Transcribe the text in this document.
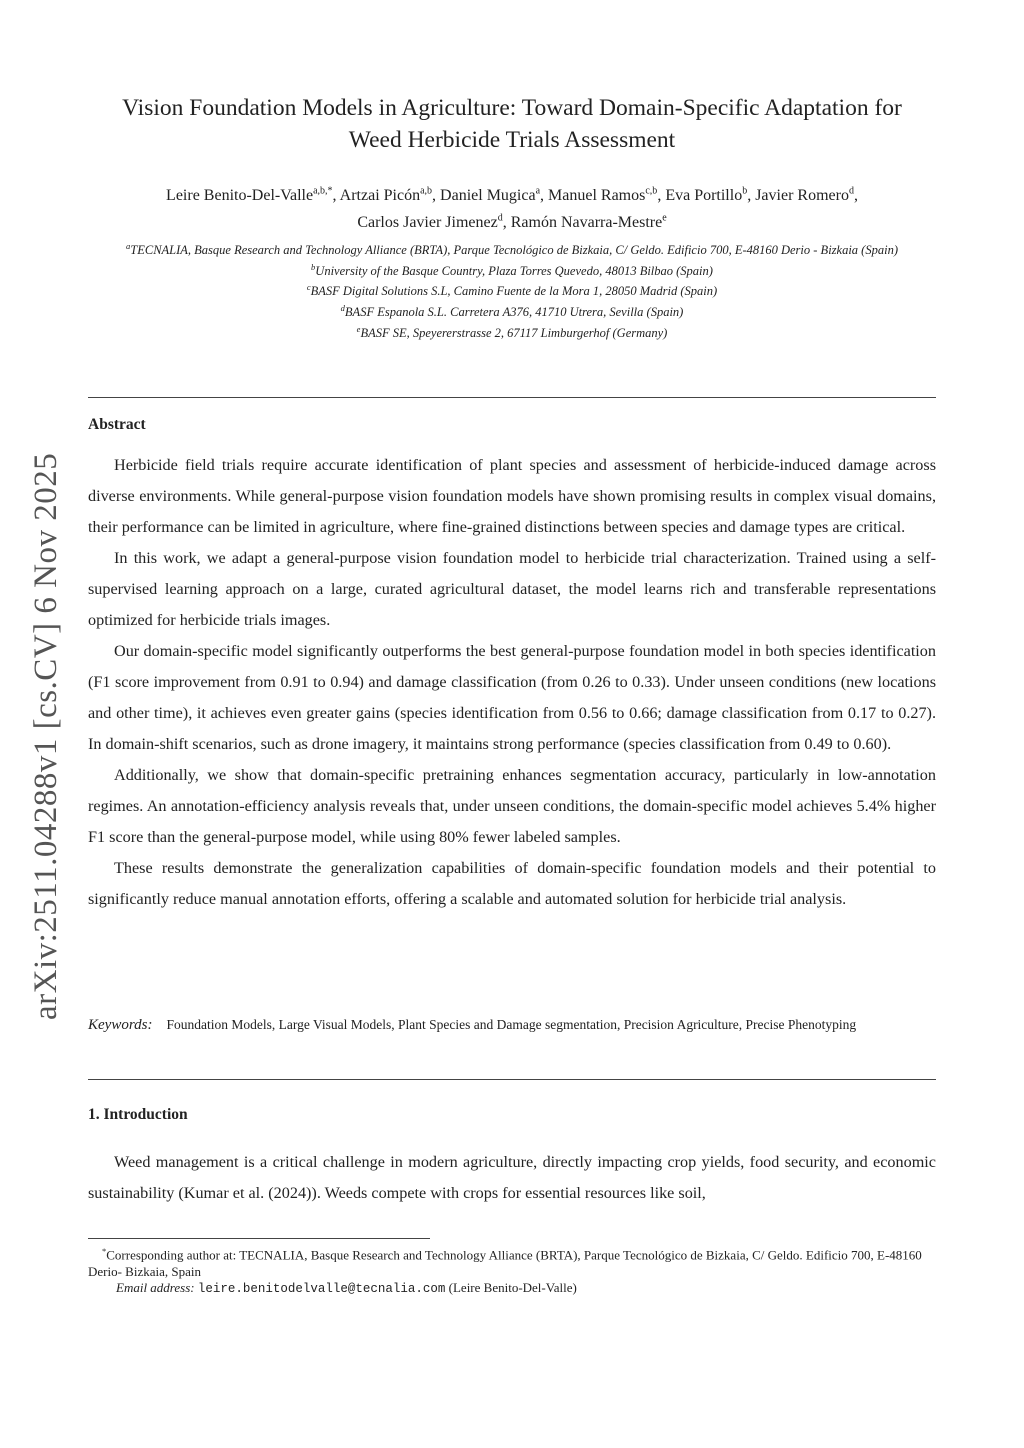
arXiv:2511.04288v1 [cs.CV] 6 Nov 2025
Vision Foundation Models in Agriculture: Toward Domain-Specific Adaptation for
Weed Herbicide Trials Assessment
Leire Benito-Del-Valle$^{a,b,*}$, Artzai Picón$^{a,b}$, Daniel Mugica$^a$, Manuel Ramos$^{c,b}$, Eva Portillo$^b$, Javier Romero$^d$,
Carlos Javier Jimenez$^d$, Ramón Navarra-Mestre$^e$
$^a$TECNALIA, Basque Research and Technology Alliance (BRTA), Parque Tecnológico de Bizkaia, C/ Geldo. Edificio 700, E-48160 Derio - Bizkaia (Spain)
$^b$University of the Basque Country, Plaza Torres Quevedo, 48013 Bilbao (Spain)
$^c$BASF Digital Solutions S.L, Camino Fuente de la Mora 1, 28050 Madrid (Spain)
$^d$BASF Espanola S.L. Carretera A376, 41710 Utrera, Sevilla (Spain)
$^e$BASF SE, Speyererstrasse 2, 67117 Limburgerhof (Germany)
Abstract

Herbicide field trials require accurate identification of plant species and assessment of herbicide-induced damage across diverse environments. While general-purpose vision foundation models have shown promising results in complex visual domains, their performance can be limited in agriculture, where fine-grained distinctions between species and damage types are critical.

In this work, we adapt a general-purpose vision foundation model to herbicide trial characterization. Trained using a self-supervised learning approach on a large, curated agricultural dataset, the model learns rich and transferable representations optimized for herbicide trials images.

Our domain-specific model significantly outperforms the best general-purpose foundation model in both species identification (F1 score improvement from 0.91 to 0.94) and damage classification (from 0.26 to 0.33). Under unseen conditions (new locations and other time), it achieves even greater gains (species identification from 0.56 to 0.66; damage classification from 0.17 to 0.27). In domain-shift scenarios, such as drone imagery, it maintains strong performance (species classification from 0.49 to 0.60).

Additionally, we show that domain-specific pretraining enhances segmentation accuracy, particularly in low-annotation regimes. An annotation-efficiency analysis reveals that, under unseen conditions, the domain-specific model achieves 5.4% higher F1 score than the general-purpose model, while using 80% fewer labeled samples.

These results demonstrate the generalization capabilities of domain-specific foundation models and their potential to significantly reduce manual annotation efforts, offering a scalable and automated solution for herbicide trial analysis.

Keywords: Foundation Models, Large Visual Models, Plant Species and Damage segmentation, Precision Agriculture, Precise Phenotyping
1. Introduction

Weed management is a critical challenge in modern agriculture, directly impacting crop yields, food security, and economic sustainability (Kumar et al. (2024)). Weeds compete with crops for essential resources like soil,

*Corresponding author at: TECNALIA, Basque Research and Technology Alliance (BRTA), Parque Tecnológico de Bizkaia, C/ Geldo. Edificio 700, E-48160 Derio- Bizkaia, Spain

Email address: leire.benitodelvalle@tecnalia.com (Leire Benito-Del-Valle)
